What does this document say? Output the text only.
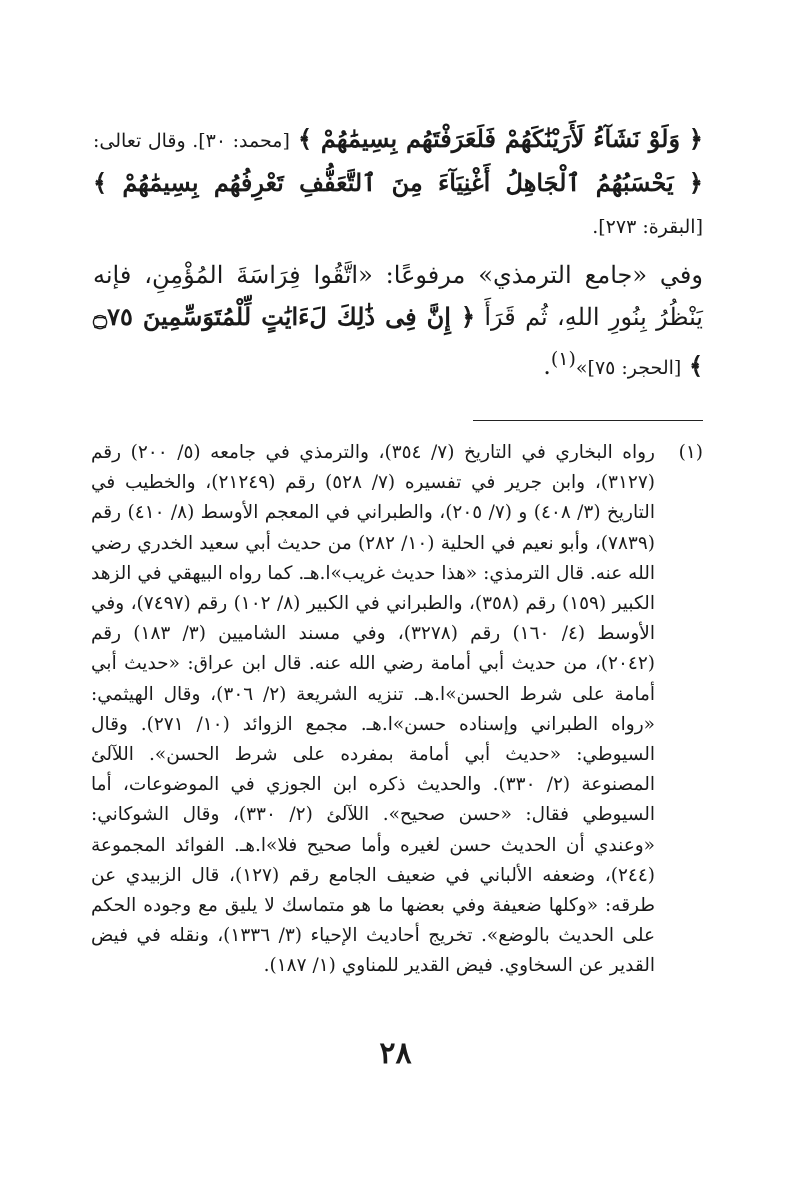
﴿ وَلَوْ نَشَآءُ لَأَرَيْنَٰكَهُمْ فَلَعَرَفْتَهُم بِسِيمَٰهُمْ ﴾ [محمد: ٣٠]. وقال تعالى: ﴿ يَحْسَبُهُمُ ٱلْجَاهِلُ أَغْنِيَآءَ مِنَ ٱلتَّعَفُّفِ تَعْرِفُهُم بِسِيمَٰهُمْ ﴾ [البقرة: ٢٧٣].

وفي «جامع الترمذي» مرفوعًا: «اتَّقُوا فِرَاسَةَ المُؤْمِنِ، فإنه يَنْظُرُ بِنُورِ اللهِ، ثُم قَرَأَ ﴿ إِنَّ فِى ذَٰلِكَ لَءَايَٰتٍ لِّلْمُتَوَسِّمِينَ ۝٧٥ ﴾ [الحجر: ٧٥]»$^{(١)}$.

(١)
رواه البخاري في التاريخ (٧/ ٣٥٤)، والترمذي في جامعه (٥/ ٢٠٠) رقم (٣١٢٧)، وابن جرير في تفسيره (٧/ ٥٢٨) رقم (٢١٢٤٩)، والخطيب في التاريخ (٣/ ٤٠٨) و (٧/ ٢٠٥)، والطبراني في المعجم الأوسط (٨/ ٤١٠) رقم (٧٨٣٩)، وأبو نعيم في الحلية (١٠/ ٢٨٢) من حديث أبي سعيد الخدري رضي الله عنه. قال الترمذي: «هذا حديث غريب»ا.هـ. كما رواه البيهقي في الزهد الكبير (١٥٩) رقم (٣٥٨)، والطبراني في الكبير (٨/ ١٠٢) رقم (٧٤٩٧)، وفي الأوسط (٤/ ١٦٠) رقم (٣٢٧٨)، وفي مسند الشاميين (٣/ ١٨٣) رقم (٢٠٤٢)، من حديث أبي أمامة رضي الله عنه. قال ابن عراق: «حديث أبي أمامة على شرط الحسن»ا.هـ. تنزيه الشريعة (٢/ ٣٠٦)، وقال الهيثمي: «رواه الطبراني وإسناده حسن»ا.هـ. مجمع الزوائد (١٠/ ٢٧١). وقال السيوطي: «حديث أبي أمامة بمفرده على شرط الحسن». اللآلئ المصنوعة (٢/ ٣٣٠). والحديث ذكره ابن الجوزي في الموضوعات، أما السيوطي فقال: «حسن صحيح». اللآلئ (٢/ ٣٣٠)، وقال الشوكاني: «وعندي أن الحديث حسن لغيره وأما صحيح فلا»ا.هـ. الفوائد المجموعة (٢٤٤)، وضعفه الألباني في ضعيف الجامع رقم (١٢٧)، قال الزبيدي عن طرقه: «وكلها ضعيفة وفي بعضها ما هو متماسك لا يليق مع وجوده الحكم على الحديث بالوضع». تخريج أحاديث الإحياء (٣/ ١٣٣٦)، ونقله في فيض القدير عن السخاوي. فيض القدير للمناوي (١/ ١٨٧).
٢٨
